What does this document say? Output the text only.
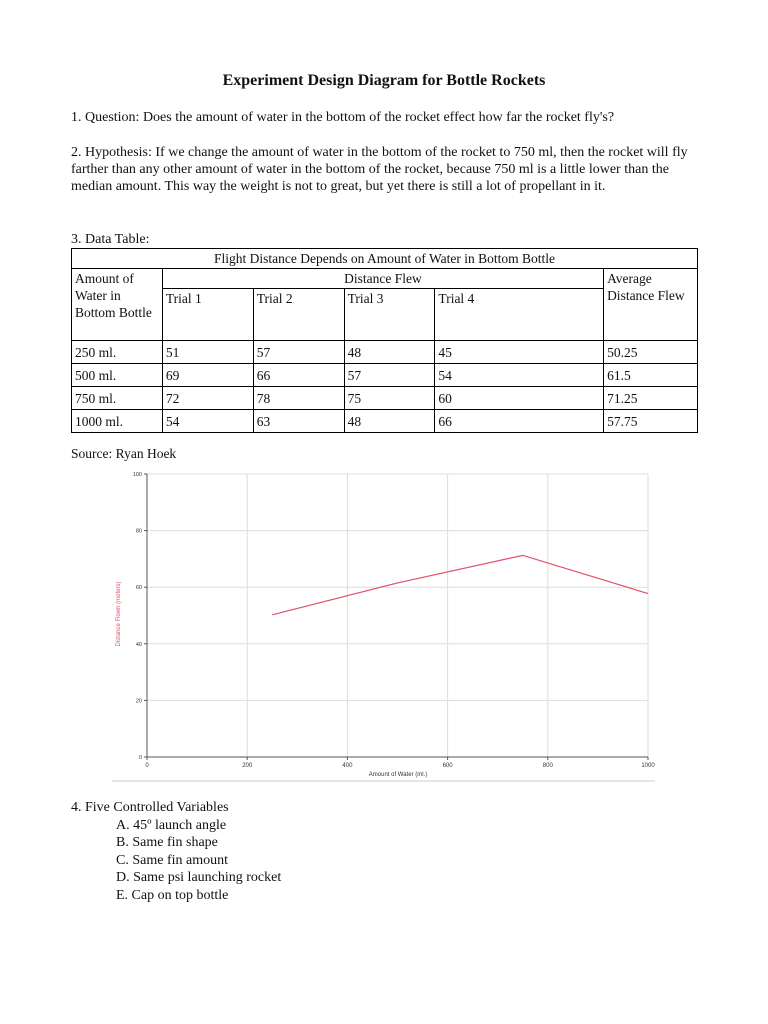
Experiment Design Diagram for Bottle Rockets
1. Question: Does the amount of water in the bottom of the rocket effect how far the rocket fly's?
2. Hypothesis: If we change the amount of water in the bottom of the rocket to 750 ml, then the rocket will fly farther than any other amount of water in the bottom of the rocket, because 750 ml is a little lower than the median amount. This way the weight is not to great, but yet there is still a lot of propellant in it.
3. Data Table:
Flight Distance Depends on Amount of Water in Bottom Bottle					
Amount of Water in Bottom Bottle	Distance Flew				Average Distance Flew
	Trial 1	Trial 2	Trial 3	Trial 4	
250 ml.	51	57	48	45	50.25
500 ml.	69	66	57	54	61.5
750 ml.	72	78	75	60	71.25
1000 ml.	54	63	48	66	57.75
Source: Ryan Hoek
0
20
40
60
80
100
0	200	400	600	800	1000
Amount of Water (ml.)
Distance Flown (meters)
4. Five Controlled Variables
A. 45º launch angle
B. Same fin shape
C. Same fin amount
D. Same psi launching rocket
E. Cap on top bottle
